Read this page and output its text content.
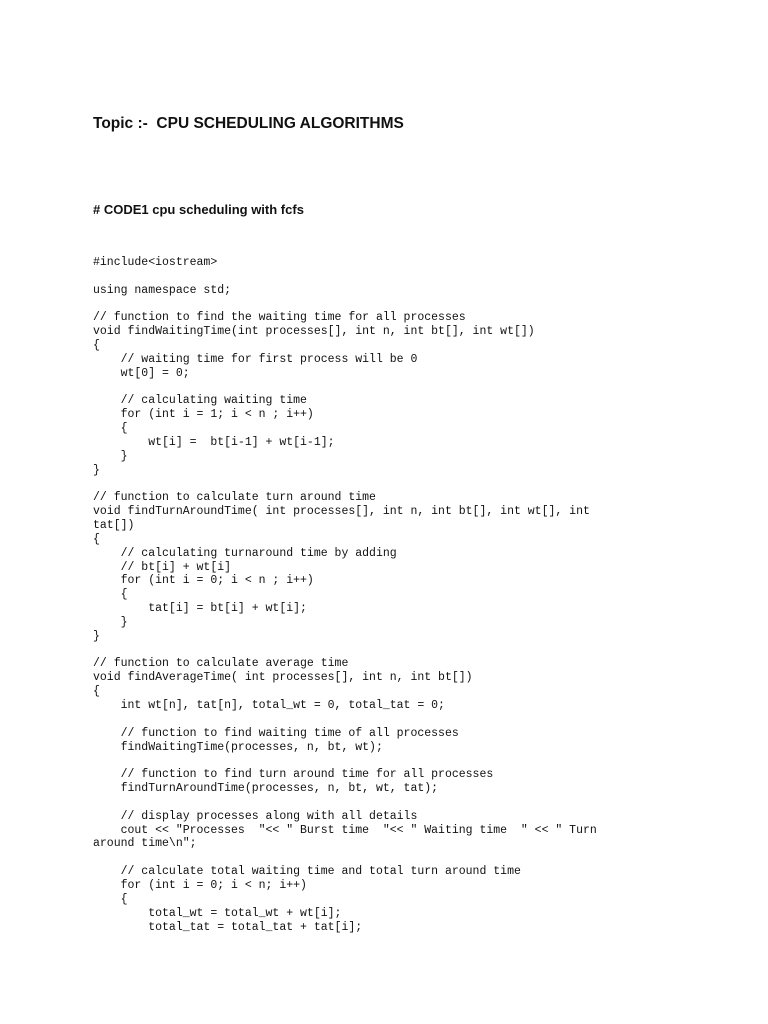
Topic :-  CPU SCHEDULING ALGORITHMS
# CODE1 cpu scheduling with fcfs
#include<iostream>

using namespace std;

// function to find the waiting time for all processes
void findWaitingTime(int processes[], int n, int bt[], int wt[])
{
// waiting time for first process will be 0
wt[0] = 0;

// calculating waiting time
for (int i = 1; i < n ; i++)
{
wt[i] =  bt[i-1] + wt[i-1];
}
}

// function to calculate turn around time
void findTurnAroundTime( int processes[], int n, int bt[], int wt[], int
tat[])
{
// calculating turnaround time by adding
// bt[i] + wt[i]
for (int i = 0; i < n ; i++)
{
tat[i] = bt[i] + wt[i];
}
}

// function to calculate average time
void findAverageTime( int processes[], int n, int bt[])
{
int wt[n], tat[n], total_wt = 0, total_tat = 0;

// function to find waiting time of all processes
findWaitingTime(processes, n, bt, wt);

// function to find turn around time for all processes
findTurnAroundTime(processes, n, bt, wt, tat);

// display processes along with all details
cout << "Processes  "<< " Burst time  "<< " Waiting time  " << " Turn
around time\n";

// calculate total waiting time and total turn around time
for (int i = 0; i < n; i++)
{
total_wt = total_wt + wt[i];
total_tat = total_tat + tat[i];
